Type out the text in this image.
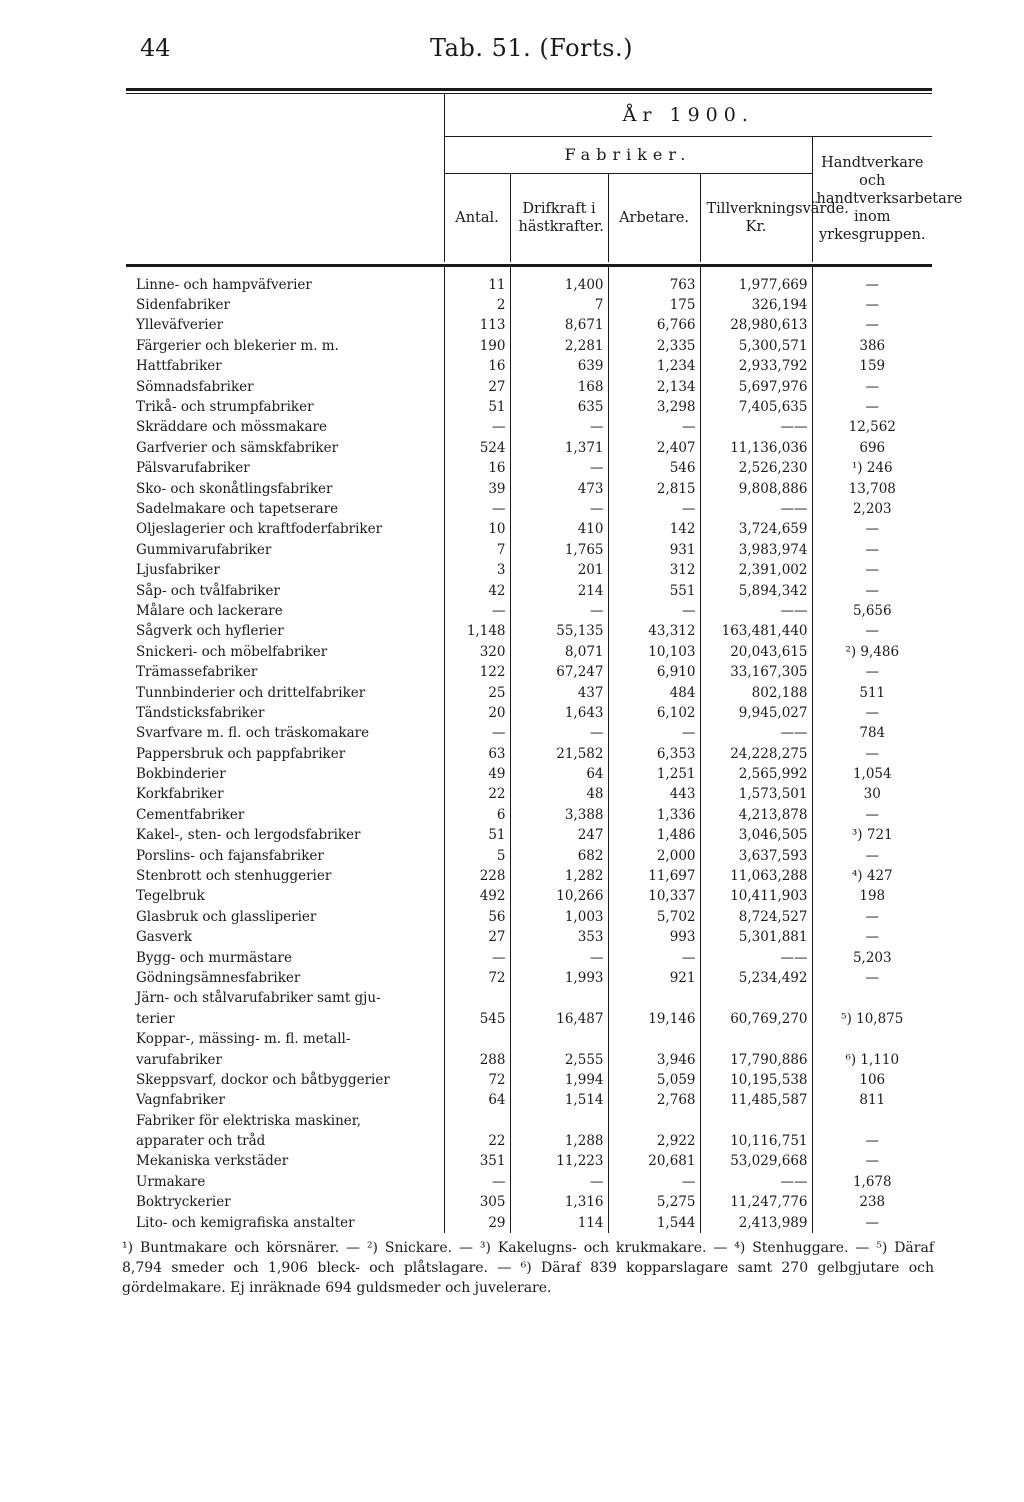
44	Tab. 51. (Forts.)
	År 1900.				
	Fabriker.				Handtverkare och handtverksarbetare inom yrkesgruppen.
	Antal.	Drifkraft i hästkrafter.	Arbetare.	Tillverkningsvärde. Kr.	

Linne- och hampväfverier	11	1,400	763	1,977,669	—
Sidenfabriker	2	7	175	326,194	—
Ylleväfverier	113	8,671	6,766	28,980,613	—
Färgerier och blekerier m. m.	190	2,281	2,335	5,300,571	386
Hattfabriker	16	639	1,234	2,933,792	159
Sömnadsfabriker	27	168	2,134	5,697,976	—
Trikå- och strumpfabriker	51	635	3,298	7,405,635	—
Skräddare och mössmakare	—	—	—	——	12,562
Garfverier och sämskfabriker	524	1,371	2,407	11,136,036	696
Pälsvarufabriker	16	—	546	2,526,230	¹) 246
Sko- och skonåtlingsfabriker	39	473	2,815	9,808,886	13,708
Sadelmakare och tapetserare	—	—	—	——	2,203
Oljeslagerier och kraftfoderfabriker	10	410	142	3,724,659	—
Gummivarufabriker	7	1,765	931	3,983,974	—
Ljusfabriker	3	201	312	2,391,002	—
Såp- och tvålfabriker	42	214	551	5,894,342	—
Målare och lackerare	—	—	—	——	5,656
Sågverk och hyflerier	1,148	55,135	43,312	163,481,440	—
Snickeri- och möbelfabriker	320	8,071	10,103	20,043,615	²) 9,486
Trämassefabriker	122	67,247	6,910	33,167,305	—
Tunnbinderier och drittelfabriker	25	437	484	802,188	511
Tändsticksfabriker	20	1,643	6,102	9,945,027	—
Svarfvare m. fl. och träskomakare	—	—	—	——	784
Pappersbruk och pappfabriker	63	21,582	6,353	24,228,275	—
Bokbinderier	49	64	1,251	2,565,992	1,054
Korkfabriker	22	48	443	1,573,501	30
Cementfabriker	6	3,388	1,336	4,213,878	—
Kakel-, sten- och lergodsfabriker	51	247	1,486	3,046,505	³) 721
Porslins- och fajansfabriker	5	682	2,000	3,637,593	—
Stenbrott och stenhuggerier	228	1,282	11,697	11,063,288	⁴) 427
Tegelbruk	492	10,266	10,337	10,411,903	198
Glasbruk och glassliperier	56	1,003	5,702	8,724,527	—
Gasverk	27	353	993	5,301,881	—
Bygg- och murmästare	—	—	—	——	5,203
Gödningsämnesfabriker	72	1,993	921	5,234,492	—
Järn- och stålvarufabriker samt gju-					
terier	545	16,487	19,146	60,769,270	⁵) 10,875
Koppar-, mässing- m. fl. metall-					
varufabriker	288	2,555	3,946	17,790,886	⁶) 1,110
Skeppsvarf, dockor och båtbyggerier	72	1,994	5,059	10,195,538	106
Vagnfabriker	64	1,514	2,768	11,485,587	811
Fabriker för elektriska maskiner,					
apparater och tråd	22	1,288	2,922	10,116,751	—
Mekaniska verkstäder	351	11,223	20,681	53,029,668	—
Urmakare	—	—	—	——	1,678
Boktryckerier	305	1,316	5,275	11,247,776	238
Lito- och kemigrafiska anstalter	29	114	1,544	2,413,989	—
¹) Buntmakare och körsnärer. — ²) Snickare. — ³) Kakelugns- och krukmakare. — ⁴) Stenhuggare. — ⁵) Däraf 8,794 smeder och 1,906 bleck- och plåtslagare. — ⁶) Däraf 839 kopparslagare samt 270 gelbgjutare och gördelmakare. Ej inräknade 694 guldsmeder och juvelerare.
